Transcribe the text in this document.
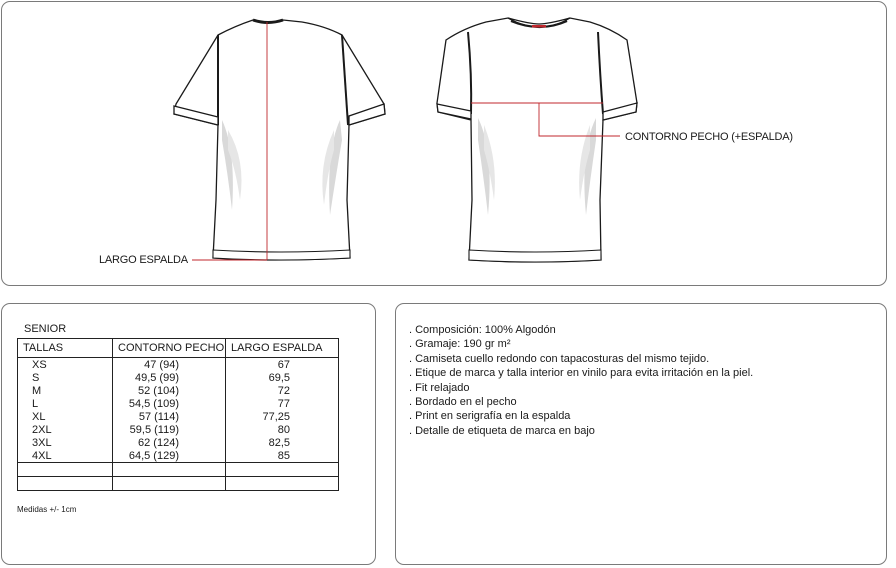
LARGO ESPALDA
CONTORNO PECHO (+ESPALDA)
SENIOR
TALLAS	CONTORNO PECHO	LARGO ESPALDA
XS	47 (94)	67
S	49,5 (99)	69,5
M	52 (104)	72
L	54,5 (109)	77
XL	57 (114)	77,25
2XL	59,5 (119)	80
3XL	62 (124)	82,5
4XL	64,5 (129)	85

Medidas +/- 1cm
. Composición: 100% Algodón
. Gramaje: 190 gr m²
. Camiseta cuello redondo con tapacosturas del mismo tejido.
. Etique de marca y talla interior en vinilo para evita irritación en la piel.
. Fit relajado
. Bordado en el pecho
. Print en serigrafía en la espalda
. Detalle de etiqueta de marca en bajo
